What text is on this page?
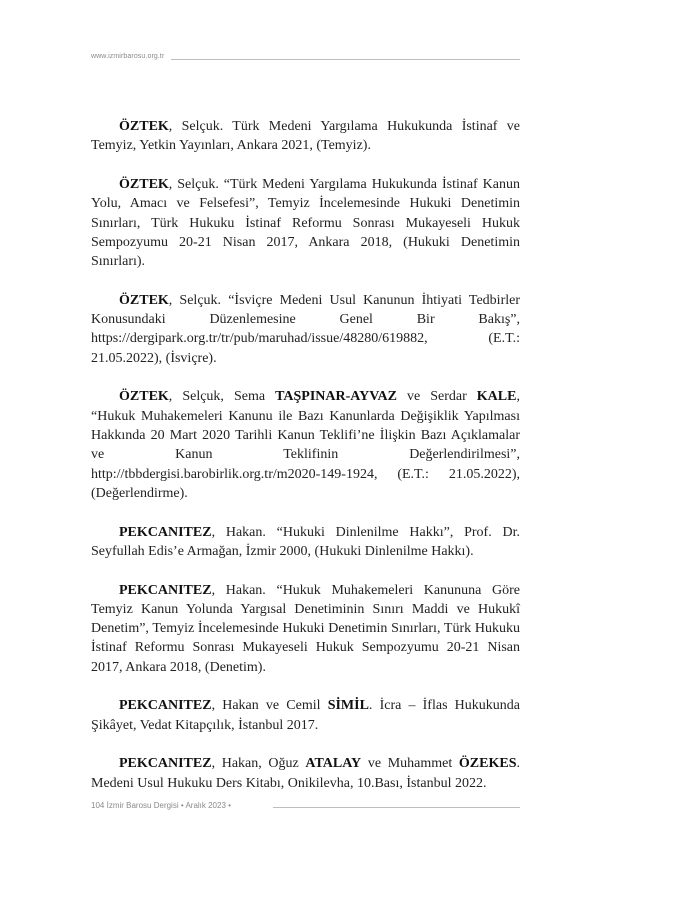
www.izmirbarosu.org.tr

ÖZTEK, Selçuk. Türk Medeni Yargılama Hukukunda İstinaf ve Temyiz, Yetkin Yayınları, Ankara 2021, (Temyiz).

ÖZTEK, Selçuk. “Türk Medeni Yargılama Hukukunda İstinaf Kanun Yolu, Amacı ve Felsefesi”, Temyiz İncelemesinde Hukuki Denetimin Sınırları, Türk Hukuku İstinaf Reformu Sonrası Mukayeseli Hukuk Sempozyumu 20-21 Nisan 2017, Ankara 2018, (Hukuki Denetimin Sınırları).

ÖZTEK, Selçuk. “İsviçre Medeni Usul Kanunun İhtiyati Tedbirler Konusundaki Düzenlemesine Genel Bir Bakış”, https://dergipark.org.tr/tr/pub/maruhad/issue/48280/619882, (E.T.: 21.05.2022), (İsviçre).

ÖZTEK, Selçuk, Sema TAŞPINAR-AYVAZ ve Serdar KALE, “Hukuk Muhakemeleri Kanunu ile Bazı Kanunlarda Değişiklik Yapılması Hakkında 20 Mart 2020 Tarihli Kanun Teklifi’ne İlişkin Bazı Açıklamalar ve Kanun Teklifinin Değerlendirilmesi”, http://tbbdergisi.barobirlik.org.tr/m2020-149-1924, (E.T.: 21.05.2022), (Değerlendirme).

PEKCANITEZ, Hakan. “Hukuki Dinlenilme Hakkı”, Prof. Dr. Seyfullah Edis’e Armağan, İzmir 2000, (Hukuki Dinlenilme Hakkı).

PEKCANITEZ, Hakan. “Hukuk Muhakemeleri Kanununa Göre Temyiz Kanun Yolunda Yargısal Denetiminin Sınırı Maddi ve Hukukî Denetim”, Temyiz İncelemesinde Hukuki Denetimin Sınırları, Türk Hukuku İstinaf Reformu Sonrası Mukayeseli Hukuk Sempozyumu 20-21 Nisan 2017, Ankara 2018, (Denetim).

PEKCANITEZ, Hakan ve Cemil SİMİL. İcra – İflas Hukukunda Şikâyet, Vedat Kitapçılık, İstanbul 2017.

PEKCANITEZ, Hakan, Oğuz ATALAY ve Muhammet ÖZEKES. Medeni Usul Hukuku Ders Kitabı, Onikilevha, 10.Bası, İstanbul 2022.

104 İzmir Barosu Dergisi • Aralık 2023 •
